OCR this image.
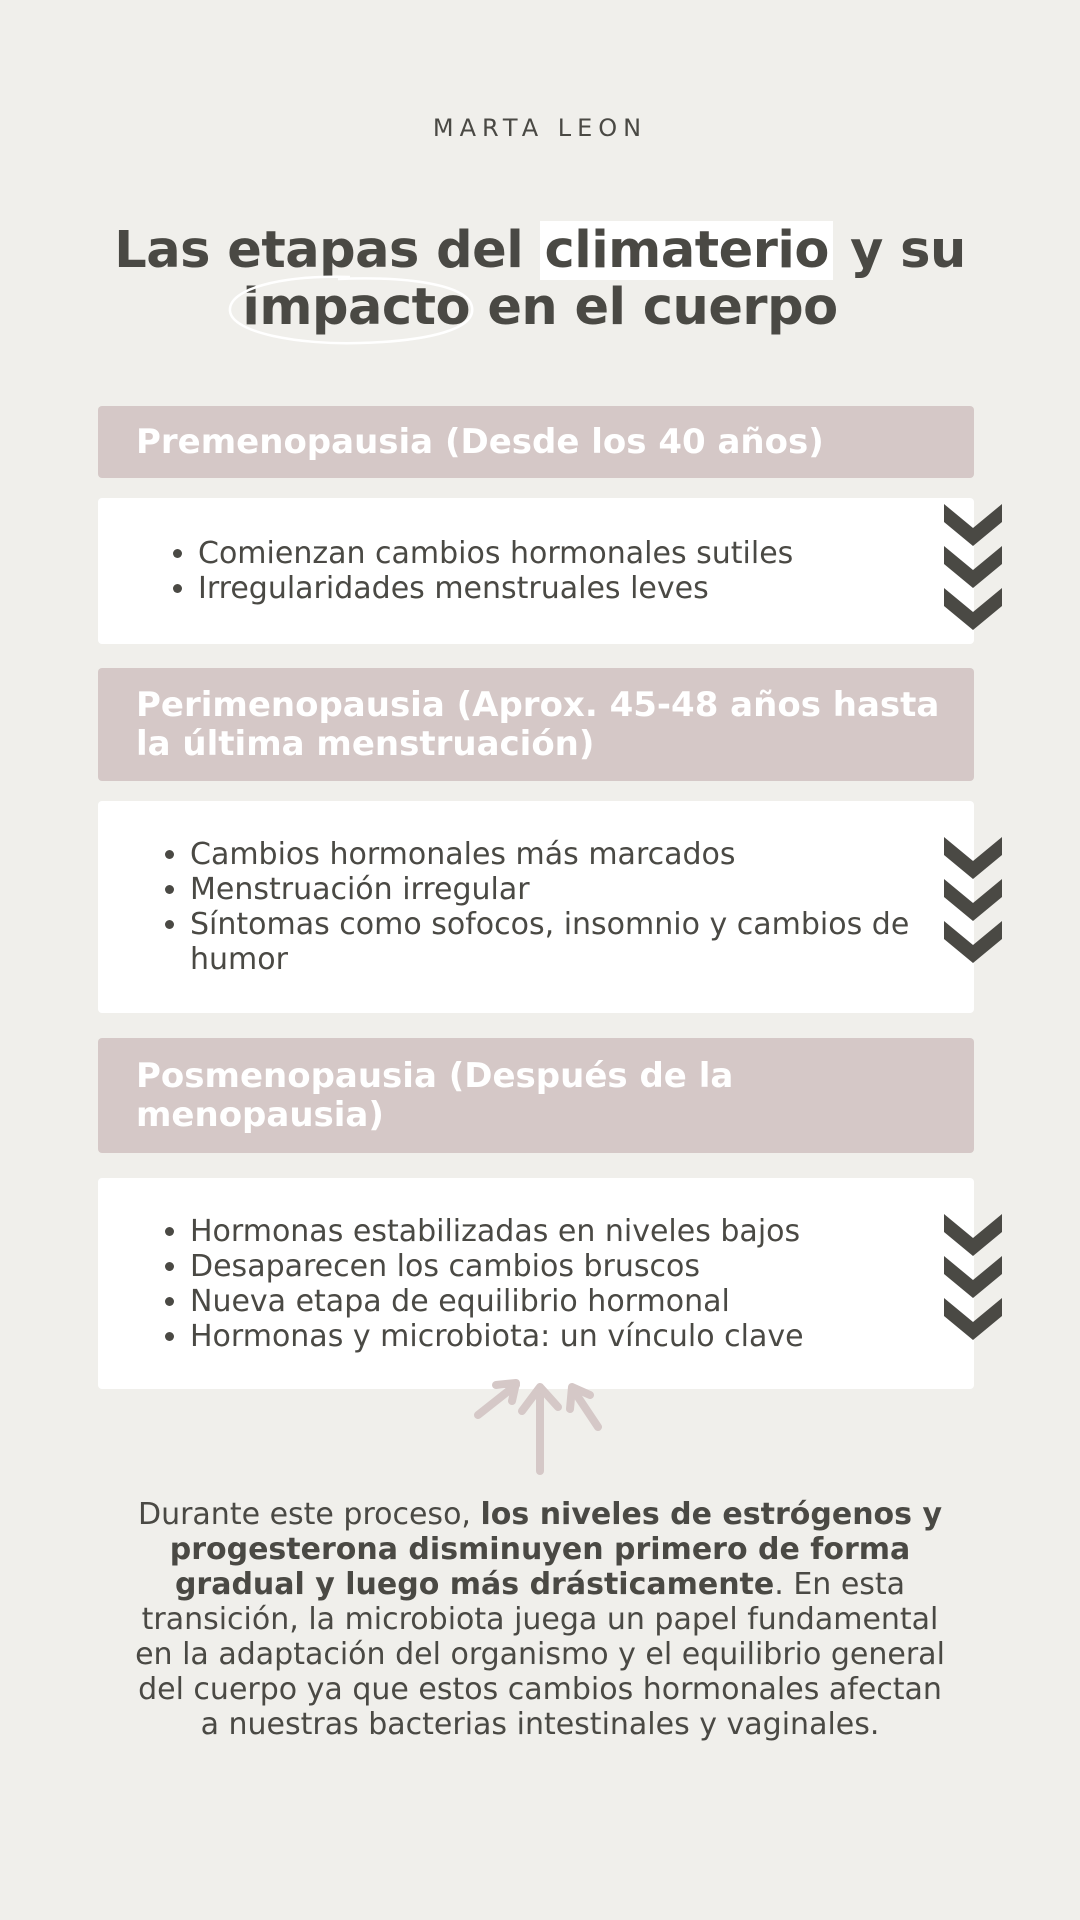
MARTA LEON
Las etapas del climaterio y su

impacto en el cuerpo
Premenopausia (Desde los 40 años)
• Comienzan cambios hormonales sutiles
• Irregularidades menstruales leves
Perimenopausia (Aprox. 45-48 años hasta la última menstruación)
• Cambios hormonales más marcados
• Menstruación irregular
• Síntomas como sofocos, insomnio y cambios de humor
Posmenopausia (Después de la menopausia)
• Hormonas estabilizadas en niveles bajos
• Desaparecen los cambios bruscos
• Nueva etapa de equilibrio hormonal
• Hormonas y microbiota: un vínculo clave

Durante este proceso, los niveles de estrógenos y progesterona disminuyen primero de forma gradual y luego más drásticamente. En esta transición, la microbiota juega un papel fundamental en la adaptación del organismo y el equilibrio general del cuerpo ya que estos cambios hormonales afectan a nuestras bacterias intestinales y vaginales.
